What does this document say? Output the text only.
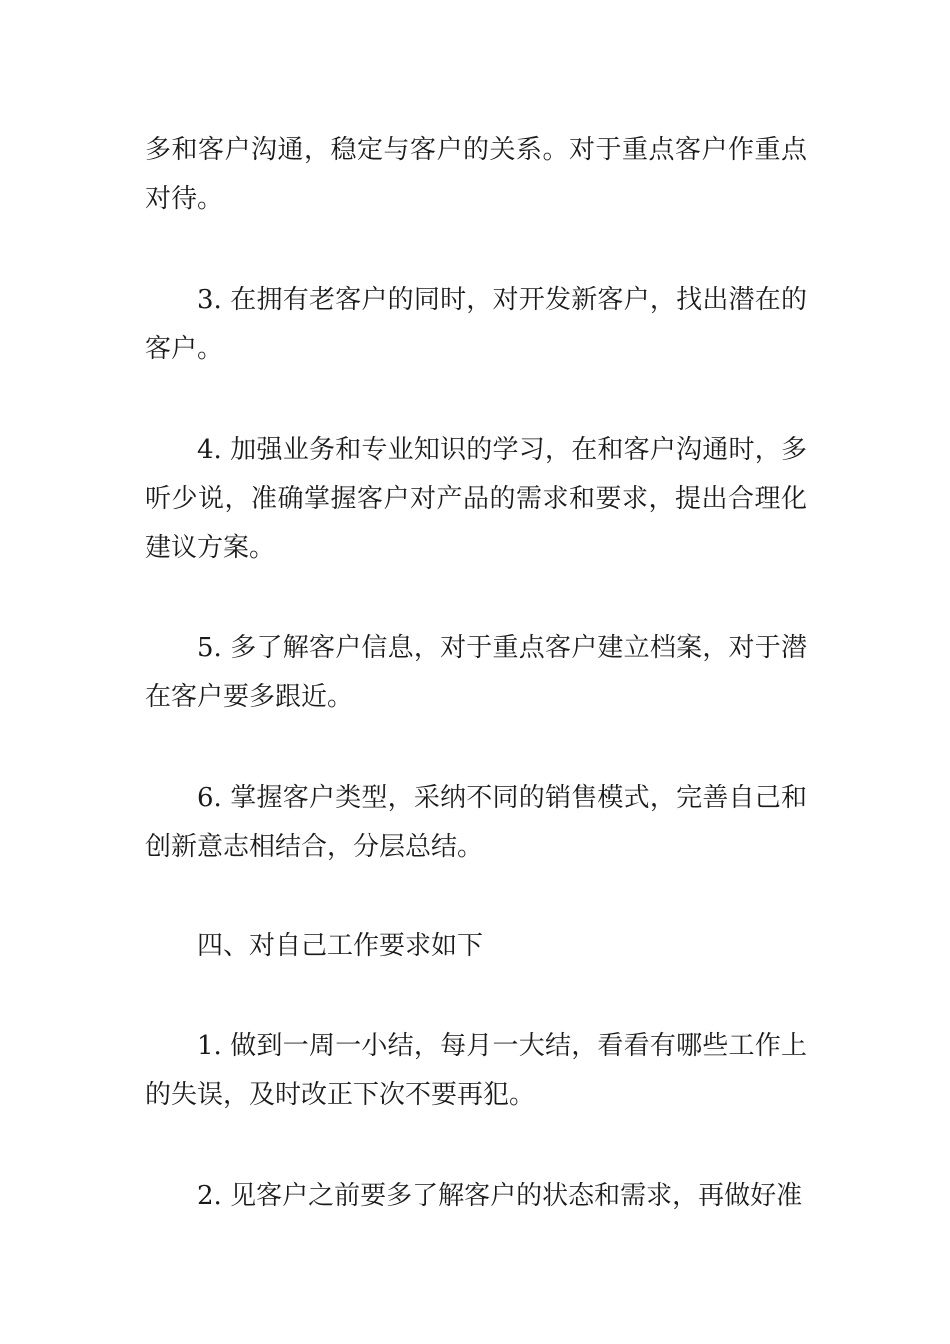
多和客户沟通，稳定与客户的关系。对于重点客户作重点对待。

3. 在拥有老客户的同时，对开发新客户，找出潜在的客户。

4. 加强业务和专业知识的学习，在和客户沟通时，多听少说，准确掌握客户对产品的需求和要求，提出合理化建议方案。

5. 多了解客户信息，对于重点客户建立档案，对于潜在客户要多跟近。

6. 掌握客户类型，采纳不同的销售模式，完善自己和创新意志相结合，分层总结。

四、对自己工作要求如下

1. 做到一周一小结，每月一大结，看看有哪些工作上的失误，及时改正下次不要再犯。

2. 见客户之前要多了解客户的状态和需求，再做好准
